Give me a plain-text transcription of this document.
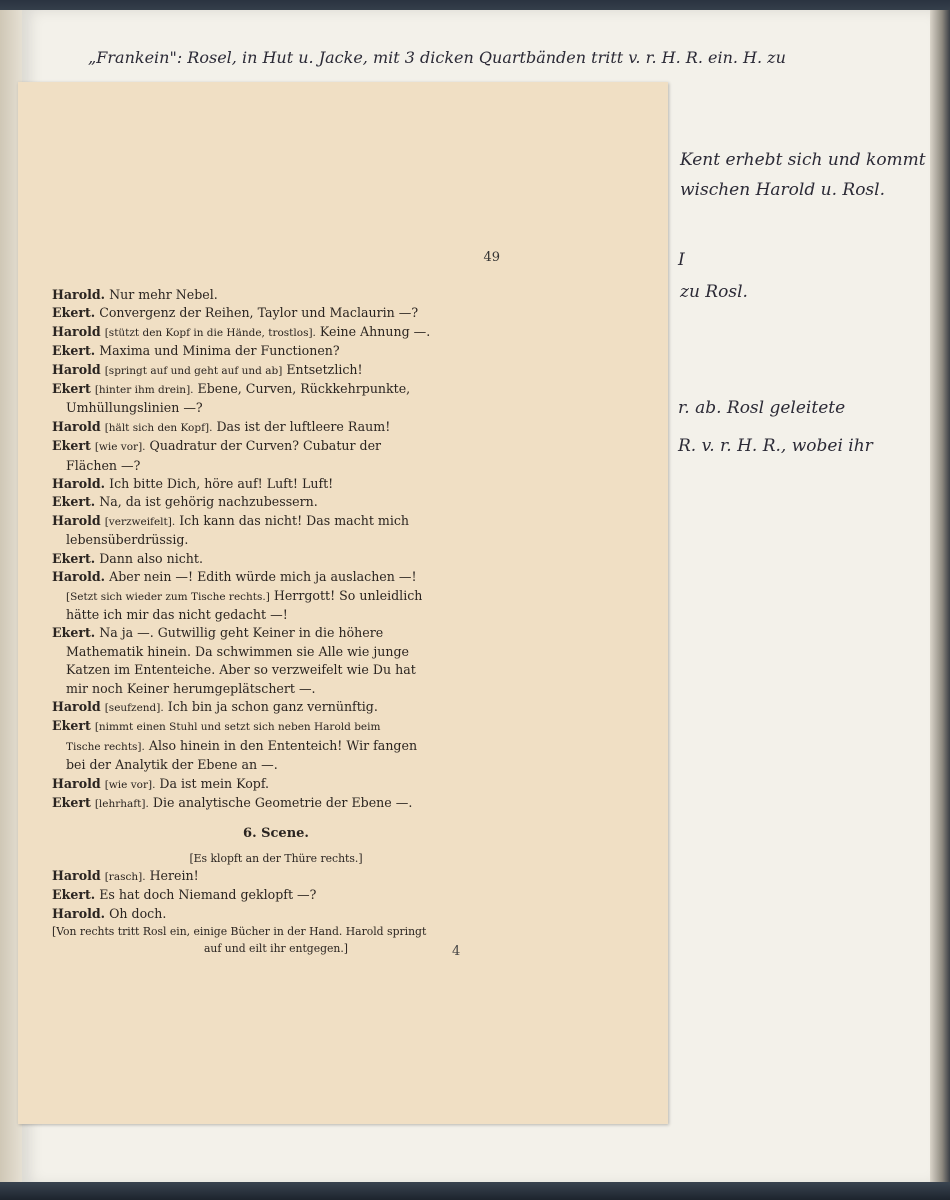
„Frankein": Rosel, in Hut u. Jacke, mit 3 dicken Quartbänden tritt v. r. H. R. ein. H. zu
Kent erhebt sich und kommt
wischen Harold u. Rosl.
I
zu Rosl.
r. ab. Rosl geleitete
R. v. r. H. R., wobei ihr
49
Harold. Nur mehr Nebel.
Ekert. Convergenz der Reihen, Taylor und Maclaurin —?
Harold [stützt den Kopf in die Hände, trostlos]. Keine Ahnung —.
Ekert. Maxima und Minima der Functionen?
Harold [springt auf und geht auf und ab] Entsetzlich!
Ekert [hinter ihm drein]. Ebene, Curven, Rückkehrpunkte,
Umhüllungslinien —?
Harold [hält sich den Kopf]. Das ist der luftleere Raum!
Ekert [wie vor]. Quadratur der Curven? Cubatur der
Flächen —?
Harold. Ich bitte Dich, höre auf! Luft! Luft!
Ekert. Na, da ist gehörig nachzubessern.
Harold [verzweifelt]. Ich kann das nicht! Das macht mich
lebensüberdrüssig.
Ekert. Dann also nicht.
Harold. Aber nein —! Edith würde mich ja auslachen —!
[Setzt sich wieder zum Tische rechts.] Herrgott! So unleidlich
hätte ich mir das nicht gedacht —!
Ekert. Na ja —. Gutwillig geht Keiner in die höhere
Mathematik hinein. Da schwimmen sie Alle wie junge
Katzen im Ententeiche. Aber so verzweifelt wie Du hat
mir noch Keiner herumgeplätschert —.
Harold [seufzend]. Ich bin ja schon ganz vernünftig.
Ekert [nimmt einen Stuhl und setzt sich neben Harold beim
Tische rechts]. Also hinein in den Ententeich! Wir fangen
bei der Analytik der Ebene an —.
Harold [wie vor]. Da ist mein Kopf.
Ekert [lehrhaft]. Die analytische Geometrie der Ebene —.
6. Scene.
[Es klopft an der Thüre rechts.]
Harold [rasch]. Herein!
Ekert. Es hat doch Niemand geklopft —?
Harold. Oh doch.
[Von rechts tritt Rosl ein, einige Bücher in der Hand. Harold springt
auf und eilt ihr entgegen.]	4
